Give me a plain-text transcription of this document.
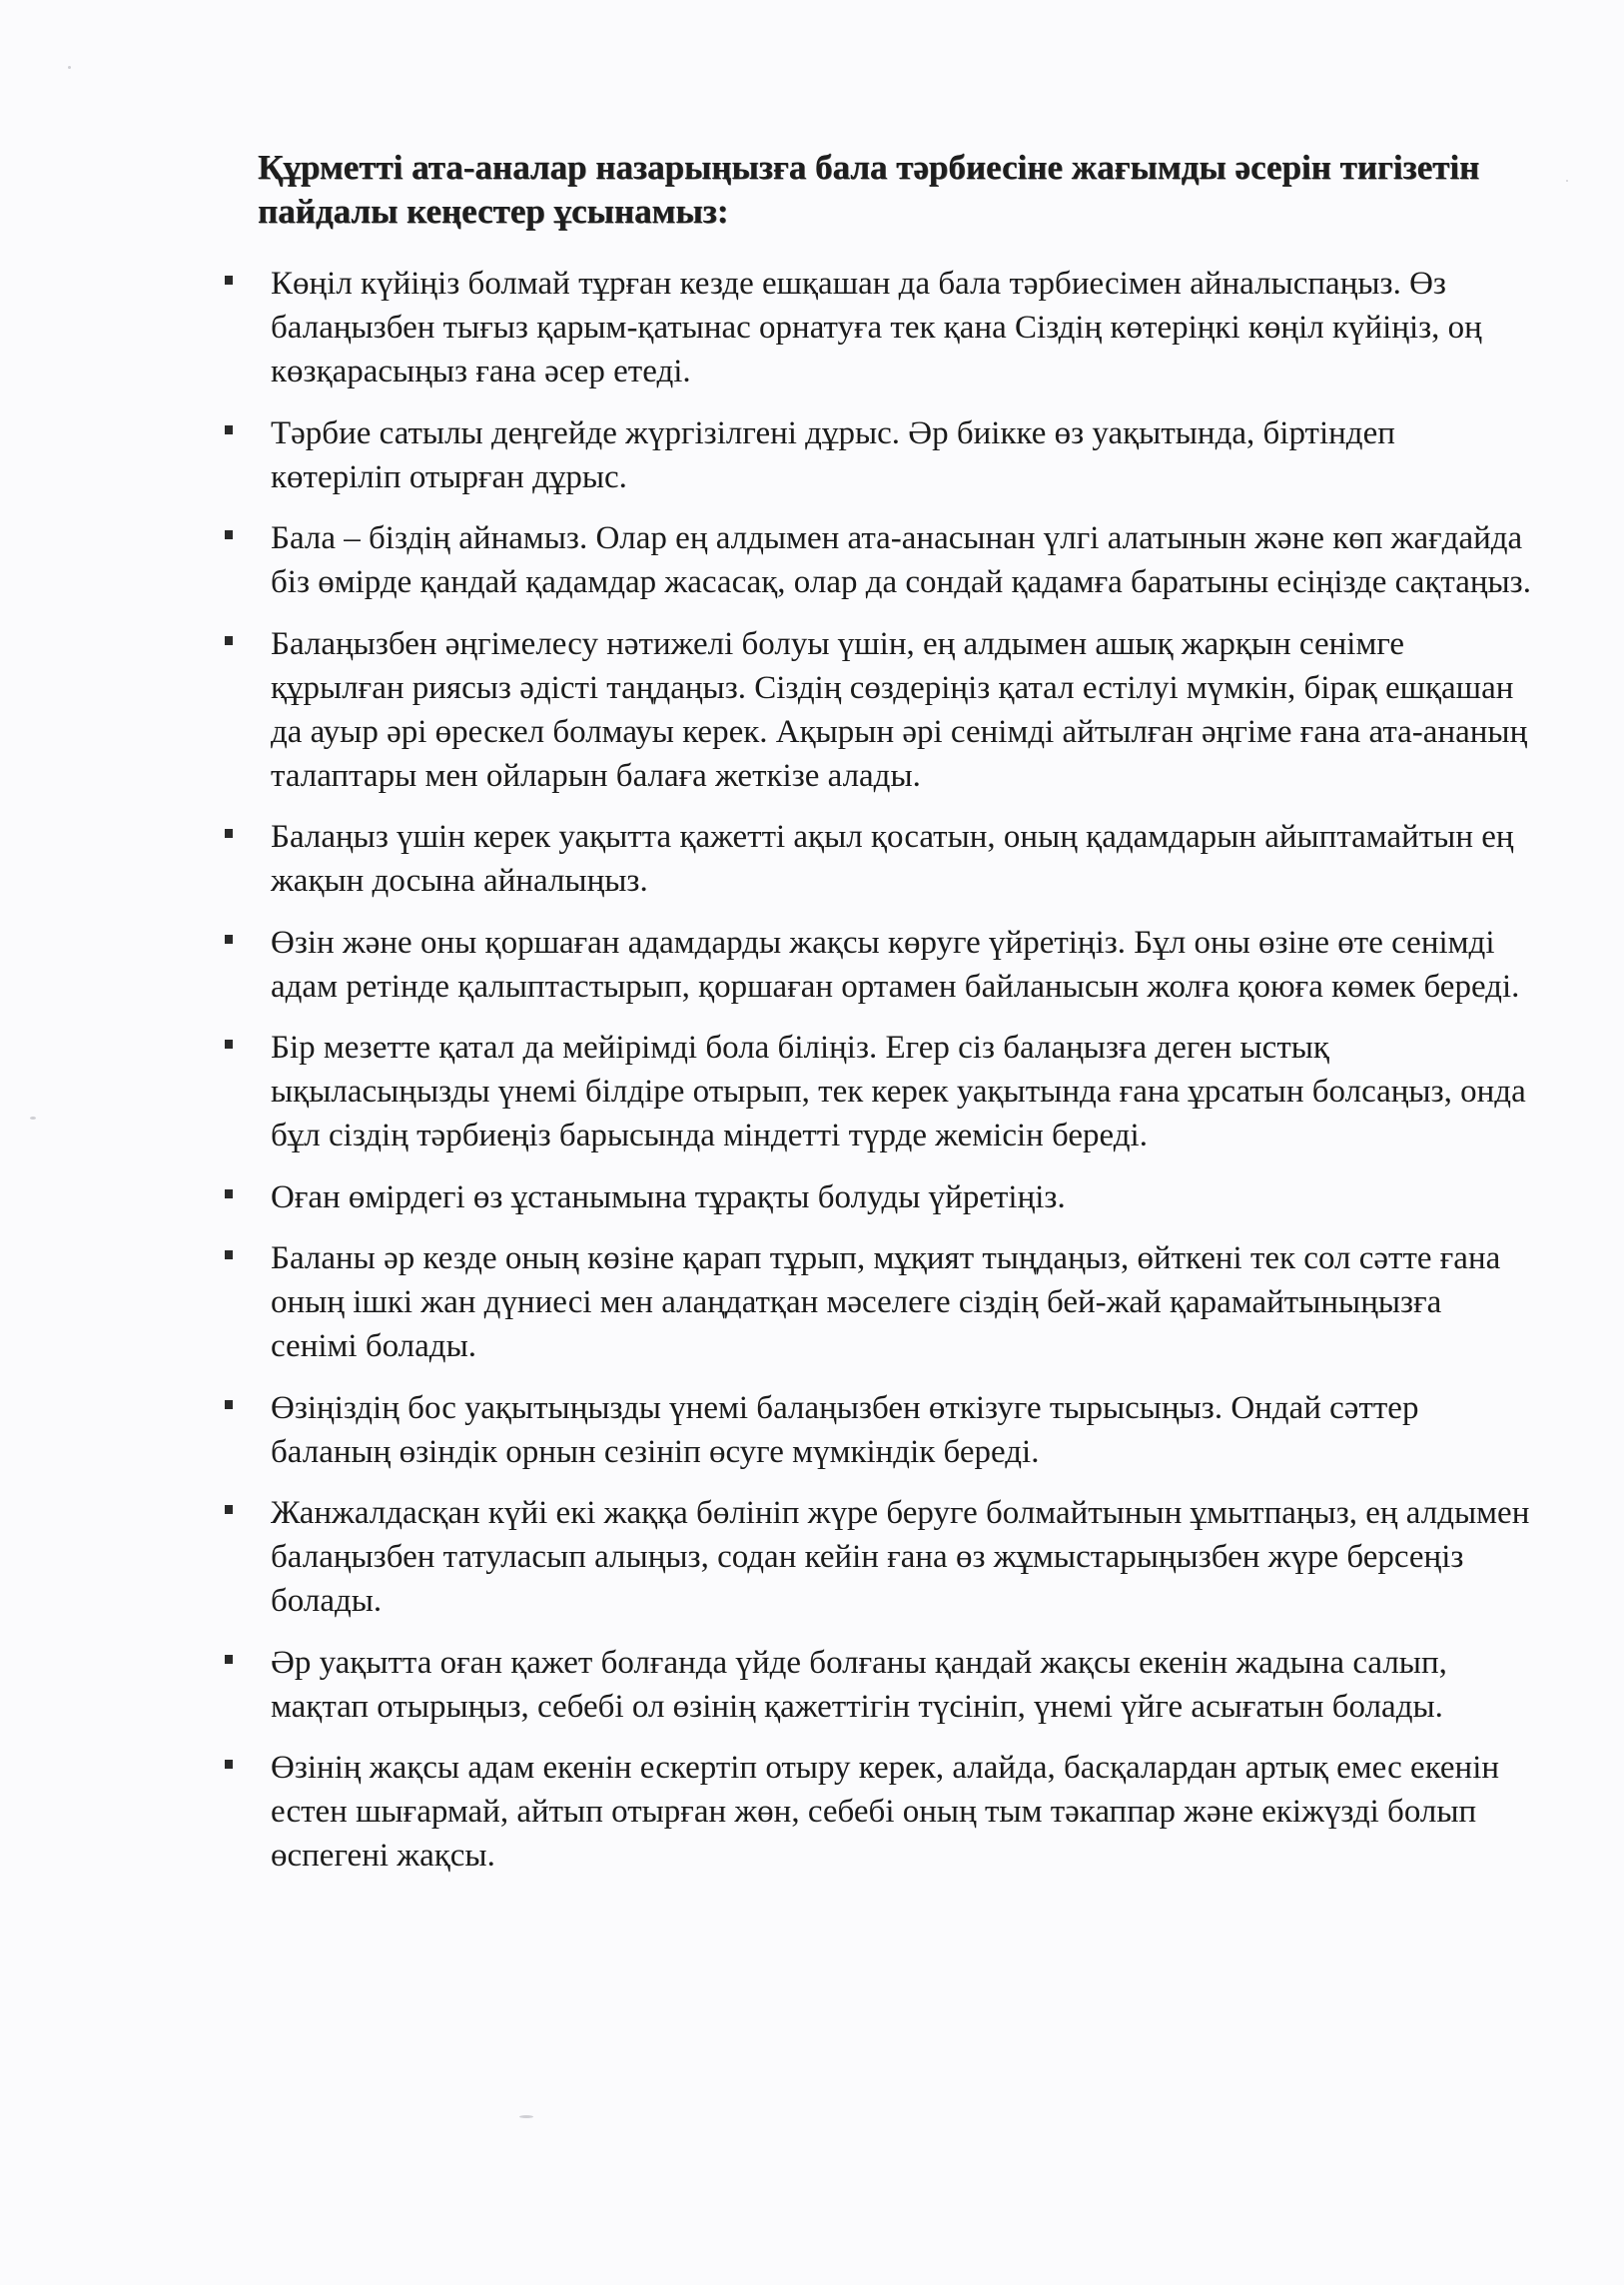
Құрметті ата-аналар назарыңызға бала тәрбиесіне жағымды әсерін тигізетін пайдалы кеңестер ұсынамыз:
Көңіл күйіңіз болмай тұрған кезде ешқашан да бала тәрбиесімен айналыспаңыз. Өз балаңызбен тығыз қарым-қатынас орнатуға тек қана Сіздің көтеріңкі көңіл күйіңіз, оң көзқарасыңыз ғана әсер етеді.
Тәрбие сатылы деңгейде жүргізілгені дұрыс. Әр биікке өз уақытында, біртіндеп көтеріліп отырған дұрыс.
Бала – біздің айнамыз. Олар ең алдымен ата-анасынан үлгі алатынын және көп жағдайда біз өмірде қандай қадамдар жасасақ, олар да сондай қадамға баратыны есіңізде сақтаңыз.
Балаңызбен әңгімелесу нәтижелі болуы үшін, ең алдымен ашық жарқын сенімге құрылған риясыз әдісті таңдаңыз. Сіздің сөздеріңіз қатал естілуі мүмкін, бірақ ешқашан да ауыр әрі өрескел болмауы керек. Ақырын әрі сенімді айтылған әңгіме ғана ата-ананың талаптары мен ойларын балаға жеткізе алады.
Балаңыз үшін керек уақытта қажетті ақыл қосатын, оның қадамдарын айыптамайтын ең жақын досына айналыңыз.
Өзін және оны қоршаған адамдарды жақсы көруге үйретіңіз. Бұл оны өзіне өте сенімді адам ретінде қалыптастырып, қоршаған ортамен байланысын жолға қоюға көмек береді.
Бір мезетте қатал да мейірімді бола біліңіз. Егер сіз балаңызға деген ыстық ықыласыңызды үнемі білдіре отырып, тек керек уақытында ғана ұрсатын болсаңыз, онда бұл сіздің тәрбиеңіз барысында міндетті түрде жемісін береді.
Оған өмірдегі өз ұстанымына тұрақты болуды үйретіңіз.
Баланы әр кезде оның көзіне қарап тұрып, мұқият тыңдаңыз, өйткені тек сол сәтте ғана оның ішкі жан дүниесі мен алаңдатқан мәселеге сіздің бей-жай қарамайтыныңызға сенімі болады.
Өзіңіздің бос уақытыңызды үнемі балаңызбен өткізуге тырысыңыз. Ондай сәттер баланың өзіндік орнын сезініп өсуге мүмкіндік береді.
Жанжалдасқан күйі екі жаққа бөлініп жүре беруге болмайтынын ұмытпаңыз, ең алдымен балаңызбен татуласып алыңыз, содан кейін ғана өз жұмыстарыңызбен жүре берсеңіз болады.
Әр уақытта оған қажет болғанда үйде болғаны қандай жақсы екенін жадына салып, мақтап отырыңыз, себебі ол өзінің қажеттігін түсініп, үнемі үйге асығатын болады.
Өзінің жақсы адам екенін ескертіп отыру керек, алайда, басқалардан артық емес екенін естен шығармай, айтып отырған жөн, себебі оның тым тәкаппар және екіжүзді болып өспегені жақсы.
